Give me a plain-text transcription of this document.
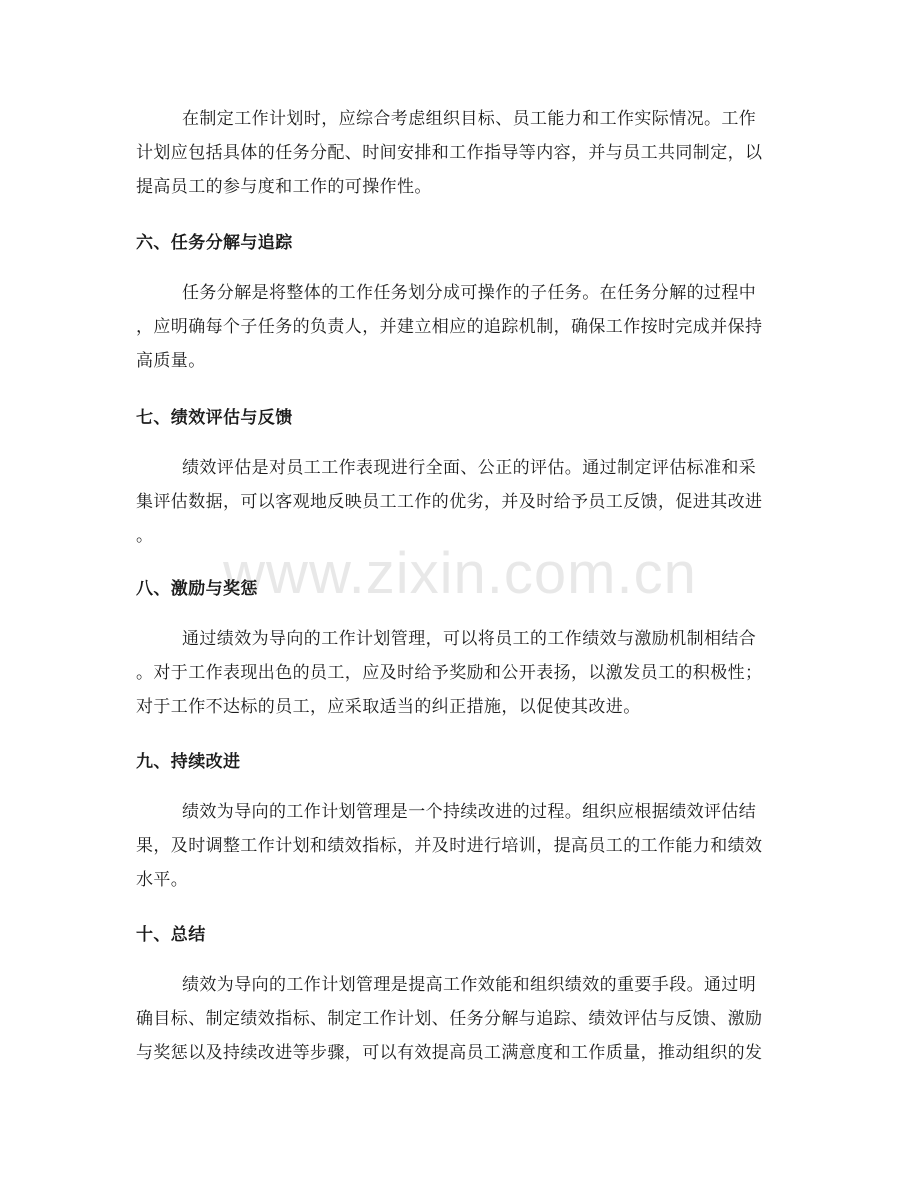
www.zixin.com.cn

在制定工作计划时，应综合考虑组织目标、员工能力和工作实际情况。工作
计划应包括具体的任务分配、时间安排和工作指导等内容，并与员工共同制定，以
提高员工的参与度和工作的可操作性。

六、任务分解与追踪

任务分解是将整体的工作任务划分成可操作的子任务。在任务分解的过程中
，应明确每个子任务的负责人，并建立相应的追踪机制，确保工作按时完成并保持
高质量。

七、绩效评估与反馈

绩效评估是对员工工作表现进行全面、公正的评估。通过制定评估标准和采
集评估数据，可以客观地反映员工工作的优劣，并及时给予员工反馈，促进其改进
。

八、激励与奖惩

通过绩效为导向的工作计划管理，可以将员工的工作绩效与激励机制相结合
。对于工作表现出色的员工，应及时给予奖励和公开表扬，以激发员工的积极性；
对于工作不达标的员工，应采取适当的纠正措施，以促使其改进。

九、持续改进

绩效为导向的工作计划管理是一个持续改进的过程。组织应根据绩效评估结
果，及时调整工作计划和绩效指标，并及时进行培训，提高员工的工作能力和绩效
水平。

十、总结

绩效为导向的工作计划管理是提高工作效能和组织绩效的重要手段。通过明
确目标、制定绩效指标、制定工作计划、任务分解与追踪、绩效评估与反馈、激励
与奖惩以及持续改进等步骤，可以有效提高员工满意度和工作质量，推动组织的发
